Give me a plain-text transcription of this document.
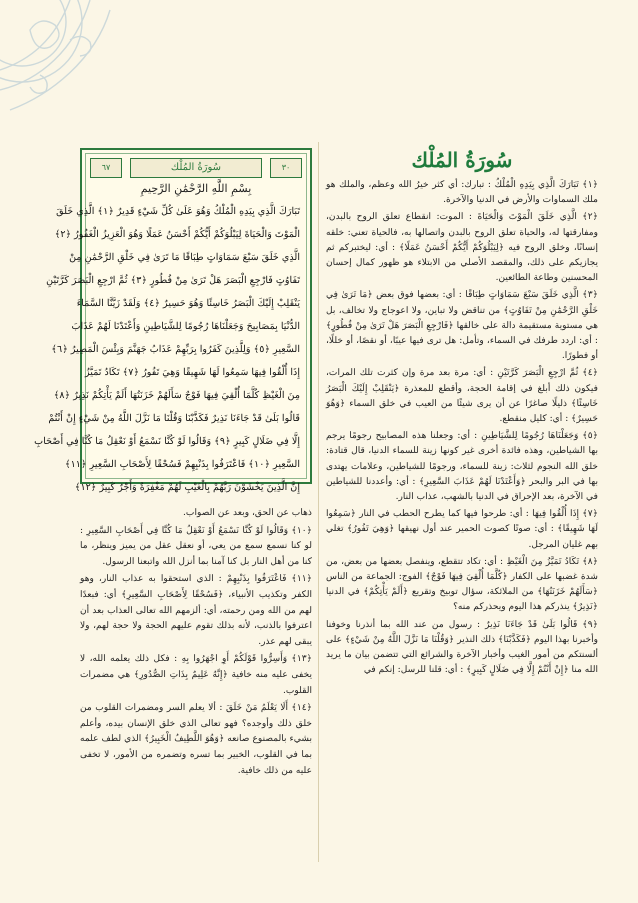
سُورَةُ المُلْك

﴿١﴾ تَبَارَكَ الَّذِي بِيَدِهِ الْمُلْكُ : تبارك: أي كثر خيرُ الله وعظم، والملك هو ملك السماوات والأرض في الدنيا والآخرة.

﴿٢﴾ الَّذِي خَلَقَ الْمَوْتَ وَالْحَيَاةَ : الموت: انقطاع تعلق الروح بالبدن، ومفارقتها له، والحياة تعلق الروح بالبدن واتصالها به، فالحياة تعني: خلقه إنسانًا، وخلق الروح فيه ﴿لِيَبْلُوَكُمْ أَيُّكُمْ أَحْسَنُ عَمَلًا﴾ : أي: ليختبركم ثم يجازيكم على ذلك، والمقصد الأصلي من الابتلاء هو ظهور كمال إحسان المحسنين وطاعة الطائعين.

﴿٣﴾ الَّذِي خَلَقَ سَبْعَ سَمَاوَاتٍ طِبَاقًا : أي: بعضها فوق بعض ﴿مَا تَرَىٰ فِي خَلْقِ الرَّحْمَٰنِ مِنْ تَفَاوُتٍ﴾ من تناقض ولا تباين، ولا اعوجاج ولا تخالف، بل هي مستوية مستقيمة دالة على خالقها ﴿فَارْجِعِ الْبَصَرَ هَلْ تَرَىٰ مِنْ فُطُورٍ﴾ : أي: اردد طرفك في السماء، وتأمل: هل ترى فيها عيبًا، أو نقصًا، أو خللًا، أو فطورًا.

﴿٤﴾ ثُمَّ ارْجِعِ الْبَصَرَ كَرَّتَيْنِ : أي: مرة بعد مرة وإن كثرت تلك المرات، فيكون ذلك أبلغ في إقامة الحجة، وأقطع للمعذرة ﴿يَنْقَلِبْ إِلَيْكَ الْبَصَرُ خَاسِئًا﴾ ذليلًا صاغرًا عن أن يرى شيئًا من العيب في خلق السماء ﴿وَهُوَ حَسِيرٌ﴾ : أي: كليل منقطع.

﴿٥﴾ وَجَعَلْنَاهَا رُجُومًا لِلشَّيَاطِينِ : أي: وجعلنا هذه المصابيح رجومًا يرجم بها الشياطين، وهذه فائدة أخرى غير كونها زينة للسماء الدنيا، قال قتادة: خلق الله النجوم لثلاث: زينة للسماء، ورجومًا للشياطين، وعلامات يهتدى بها في البر والبحر ﴿وَأَعْتَدْنَا لَهُمْ عَذَابَ السَّعِيرِ﴾ : أي: وأعددنا للشياطين في الآخرة، بعد الإحراق في الدنيا بالشهب، عذاب النار.

﴿٧﴾ إِذَا أُلْقُوا فِيهَا : أي: طرحوا فيها كما يطرح الحطب في النار ﴿سَمِعُوا لَهَا شَهِيقًا﴾ : أي: صوتًا كصوت الحمير عند أول نهيقها ﴿وَهِيَ تَفُورُ﴾ تغلي بهم غليان المرجل.

﴿٨﴾ تَكَادُ تَمَيَّزُ مِنَ الْغَيْظِ : أي: تكاد تتقطع، وينفصل بعضها من بعض، من شدة غضبها على الكفار ﴿كُلَّمَا أُلْقِيَ فِيهَا فَوْجٌ﴾ الفوج: الجماعة من الناس ﴿سَأَلَهُمْ خَزَنَتُهَا﴾ من الملائكة، سؤال توبيخ وتقريع ﴿أَلَمْ يَأْتِكُمْ﴾ في الدنيا ﴿نَذِيرٌ﴾ ينذركم هذا اليوم ويحذركم منه؟

﴿٩﴾ قَالُوا بَلَىٰ قَدْ جَاءَنَا نَذِيرٌ : رسول من عند الله بما أنذرنا وخوفنا وأخبرنا بهذا اليوم ﴿فَكَذَّبْنَا﴾ ذلك النذير ﴿وَقُلْنَا مَا نَزَّلَ اللَّهُ مِنْ شَيْءٍ﴾ على ألسنتكم من أمور الغيب وأخبار الآخرة والشرائع التي تتضمن بيان ما يريد الله منا ﴿إِنْ أَنْتُمْ إِلَّا فِي ضَلَالٍ كَبِيرٍ﴾ : أي: قلنا للرسل: إنكم في

٦٧	سُورَةُ المُلْك	٣٠
بِسْمِ اللَّهِ الرَّحْمَٰنِ الرَّحِيمِ
تَبَارَكَ الَّذِي بِيَدِهِ الْمُلْكُ وَهُوَ عَلَىٰ كُلِّ شَيْءٍ قَدِيرٌ ﴿١﴾ الَّذِي خَلَقَ
الْمَوْتَ وَالْحَيَاةَ لِيَبْلُوَكُمْ أَيُّكُمْ أَحْسَنُ عَمَلًا وَهُوَ الْعَزِيزُ الْغَفُورُ ﴿٢﴾
الَّذِي خَلَقَ سَبْعَ سَمَاوَاتٍ طِبَاقًا مَا تَرَىٰ فِي خَلْقِ الرَّحْمَٰنِ مِنْ
تَفَاوُتٍ فَارْجِعِ الْبَصَرَ هَلْ تَرَىٰ مِنْ فُطُورٍ ﴿٣﴾ ثُمَّ ارْجِعِ الْبَصَرَ كَرَّتَيْنِ
يَنْقَلِبْ إِلَيْكَ الْبَصَرُ خَاسِئًا وَهُوَ حَسِيرٌ ﴿٤﴾ وَلَقَدْ زَيَّنَّا السَّمَاءَ
الدُّنْيَا بِمَصَابِيحَ وَجَعَلْنَاهَا رُجُومًا لِلشَّيَاطِينِ وَأَعْتَدْنَا لَهُمْ عَذَابَ
السَّعِيرِ ﴿٥﴾ وَلِلَّذِينَ كَفَرُوا بِرَبِّهِمْ عَذَابُ جَهَنَّمَ وَبِئْسَ الْمَصِيرُ ﴿٦﴾
إِذَا أُلْقُوا فِيهَا سَمِعُوا لَهَا شَهِيقًا وَهِيَ تَفُورُ ﴿٧﴾ تَكَادُ تَمَيَّزُ
مِنَ الْغَيْظِ كُلَّمَا أُلْقِيَ فِيهَا فَوْجٌ سَأَلَهُمْ خَزَنَتُهَا أَلَمْ يَأْتِكُمْ نَذِيرٌ ﴿٨﴾
قَالُوا بَلَىٰ قَدْ جَاءَنَا نَذِيرٌ فَكَذَّبْنَا وَقُلْنَا مَا نَزَّلَ اللَّهُ مِنْ شَيْءٍ إِنْ أَنْتُمْ
إِلَّا فِي ضَلَالٍ كَبِيرٍ ﴿٩﴾ وَقَالُوا لَوْ كُنَّا نَسْمَعُ أَوْ نَعْقِلُ مَا كُنَّا فِي أَصْحَابِ
السَّعِيرِ ﴿١٠﴾ فَاعْتَرَفُوا بِذَنْبِهِمْ فَسُحْقًا لِأَصْحَابِ السَّعِيرِ ﴿١١﴾
إِنَّ الَّذِينَ يَخْشَوْنَ رَبَّهُمْ بِالْغَيْبِ لَهُمْ مَغْفِرَةٌ وَأَجْرٌ كَبِيرٌ ﴿١٢﴾

ذهاب عن الحق، وبعد عن الصواب.

﴿١٠﴾ وَقَالُوا لَوْ كُنَّا نَسْمَعُ أَوْ نَعْقِلُ مَا كُنَّا فِي أَصْحَابِ السَّعِيرِ : لو كنا نسمع سمع من يعي، أو نعقل عقل من يميز وينظر، ما كنا من أهل النار بل كنا آمنا بما أنزل الله واتبعنا الرسول.

﴿١١﴾ فَاعْتَرَفُوا بِذَنْبِهِمْ : الذي استحقوا به عذاب النار، وهو الكفر وتكذيب الأنبياء، ﴿فَسُحْقًا لِأَصْحَابِ السَّعِيرِ﴾ أي: فبعدًا لهم من الله ومن رحمته، أي: ألزمهم الله تعالى العذاب بعد أن اعترفوا بالذنب، لأنه بذلك تقوم عليهم الحجة ولا حجة لهم، ولا يبقى لهم عذر.

﴿١٣﴾ وَأَسِرُّوا قَوْلَكُمْ أَوِ اجْهَرُوا بِهِ : فكل ذلك يعلمه الله، لا يخفى عليه منه خافية ﴿إِنَّهُ عَلِيمٌ بِذَاتِ الصُّدُورِ﴾ هي مضمرات القلوب.

﴿١٤﴾ أَلَا يَعْلَمُ مَنْ خَلَقَ : ألا يعلم السر ومضمرات القلوب من خلق ذلك وأوجده؟ فهو تعالى الذي خلق الإنسان بيده، وأعلم بشيء بالمصنوع صانعه ﴿وَهُوَ اللَّطِيفُ الْخَبِيرُ﴾ الذي لطف علمه بما في القلوب، الخبير بما تسره وتضمره من الأمور، لا تخفى عليه من ذلك خافية.
